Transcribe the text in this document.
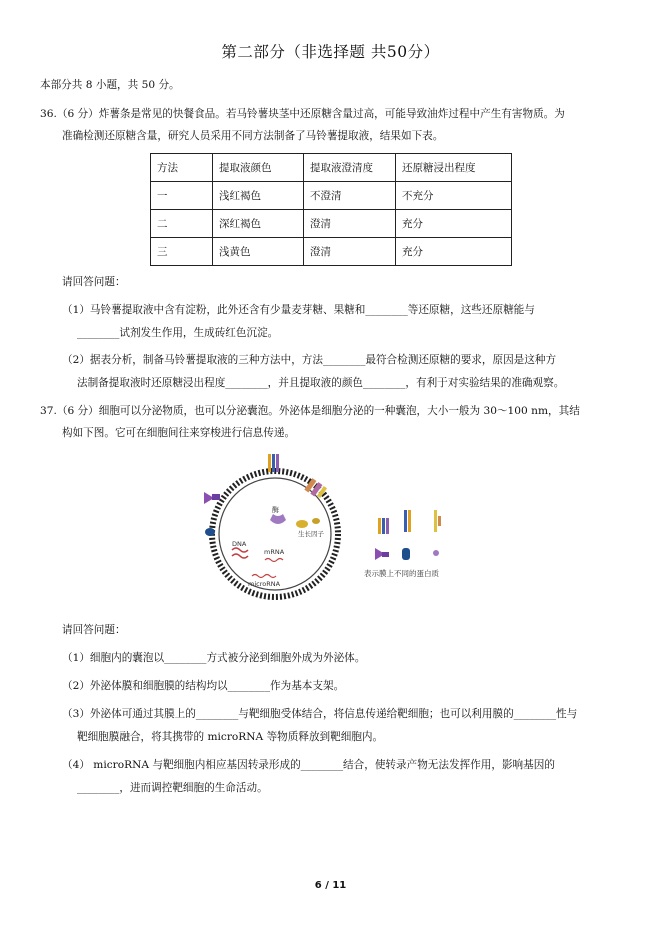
第二部分（非选择题 共50分）
本部分共 8 小题，共 50 分。
36.（6 分）炸薯条是常见的快餐食品。若马铃薯块茎中还原糖含量过高，可能导致油炸过程中产生有害物质。为
准确检测还原糖含量，研究人员采用不同方法制备了马铃薯提取液，结果如下表。
方法	提取液颜色	提取液澄清度	还原糖浸出程度
一	浅红褐色	不澄清	不充分
二	深红褐色	澄清	充分
三	浅黄色	澄清	充分
请回答问题：
（1）马铃薯提取液中含有淀粉，此外还含有少量麦芽糖、果糖和________等还原糖，这些还原糖能与
________试剂发生作用，生成砖红色沉淀。
（2）据表分析，制备马铃薯提取液的三种方法中，方法________最符合检测还原糖的要求，原因是这种方
法制备提取液时还原糖浸出程度________，并且提取液的颜色________，有利于对实验结果的准确观察。
37.（6 分）细胞可以分泌物质，也可以分泌囊泡。外泌体是细胞分泌的一种囊泡，大小一般为 30～100 nm，其结
构如下图。它可在细胞间往来穿梭进行信息传递。
酶
生长因子
DNA
mRNA
microRNA
表示膜上不同的蛋白质
请回答问题：
（1）细胞内的囊泡以________方式被分泌到细胞外成为外泌体。
（2）外泌体膜和细胞膜的结构均以________作为基本支架。
（3）外泌体可通过其膜上的________与靶细胞受体结合，将信息传递给靶细胞；也可以利用膜的________性与
靶细胞膜融合，将其携带的 microRNA 等物质释放到靶细胞内。
（4） microRNA 与靶细胞内相应基因转录形成的________结合，使转录产物无法发挥作用，影响基因的
________，进而调控靶细胞的生命活动。
6 / 11
